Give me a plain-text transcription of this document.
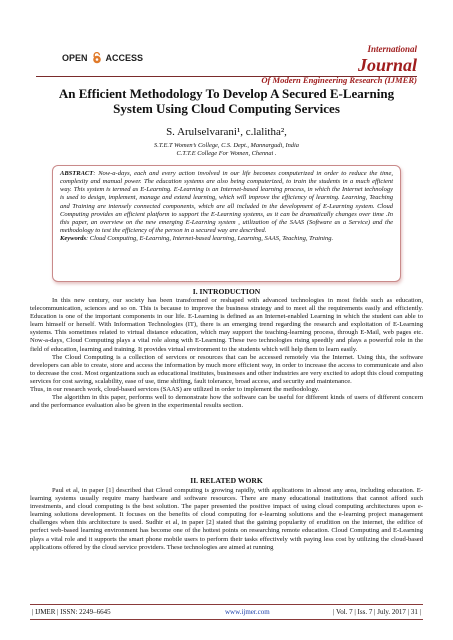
OPEN ACCESS
International
Journal
Of Modern Engineering Research (IJMER)
An Efficient Methodology To Develop A Secured E-Learning System Using Cloud Computing Services
S. Arulselvarani¹, c.lalitha²,
S.T.E.T Women’s College, C.S. Dept., Mannargudi, India
C.T.T.E College For Women, Chennai .
ABSTRACT: Now-a-days, each and every action involved in our life becomes computerized in order to reduce the time, complexity and manual power. The education systems are also being computerized, to train the students in a much efficient way. This system is termed as E-Learning. E-Learning is an Internet-based learning process, in which the Internet technology is used to design, implement, manage and extend learning, which will improve the efficiency of learning. Learning, Teaching and Training are intensely connected components, which are all included in the development of E-Learning system. Cloud Computing provides an efficient platform to support the E-Learning systems, as it can be dramatically changes over time .In this paper, an overview on the new emerging E-Learning system , utilization of the SAAS (Software as a Service) and the methodology to test the efficiency of the person in a secured way are described.
Keywords: Cloud Computing, E-Learning, Internet-based learning, Learning, SAAS, Teaching, Training.
I. INTRODUCTION

In this new century, our society has been transformed or reshaped with advanced technologies in most fields such as education, telecommunication, sciences and so on. This is because to improve the business strategy and to meet all the requirements easily and efficiently. Education is one of the important components in our life. E-Learning is defined as an Internet-enabled Learning in which the student can able to learn himself or herself. With Information Technologies (IT), there is an emerging trend regarding the research and exploitation of E-Learning systems. This sometimes related to virtual distance education, which may support the teaching-learning process, through E-Mail, web pages etc. Now-a-days, Cloud Computing plays a vital role along with E-Learning. These two technologies rising speedily and plays a powerful role in the field of education, learning and training. It provides virtual environment to the students which will help them to learn easily.

The Cloud Computing is a collection of services or resources that can be accessed remotely via the Internet. Using this, the software developers can able to create, store and access the information by much more efficient way, in order to increase the access to communicate and also to decrease the cost. Most organizations such as educational institutes, businesses and other industries are very excited to adopt this cloud computing services for cost saving, scalability, ease of use, time shifting, fault tolerance, broad access, and security and maintenance.

Thus, in our research work, cloud-based services (SAAS) are utilized in order to implement the methodology.

The algorithm in this paper, performs well to demonstrate how the software can be useful for different kinds of users of different concern and the performance evaluation also be given in the experimental results section.

II. RELATED WORK

Paul et al, in paper [1] described that Cloud computing is growing rapidly, with applications in almost any area, including education. E-learning systems usually require many hardware and software resources. There are many educational institutions that cannot afford such investments, and cloud computing is the best solution. The paper presented the positive impact of using cloud computing architectures upon e-learning solutions development. It focuses on the benefits of cloud computing for e-learning solutions and the e-learning project management challenges when this architecture is used. Sudhir et al, in paper [2] stated that the gaining popularity of erudition on the internet, the edifice of perfect web-based learning environment has become one of the hottest points on researching remote education. Cloud Computing and E-Learning plays a vital role and it supports the smart phone mobile users to perform their tasks effectively with paying less cost by utilizing the cloud-based applications offered by the cloud service providers. These technologies are aimed at running

| IJMER | ISSN: 2249–6645	www.ijmer.com	| Vol. 7 | Iss. 7 | July. 2017 | 31 |
